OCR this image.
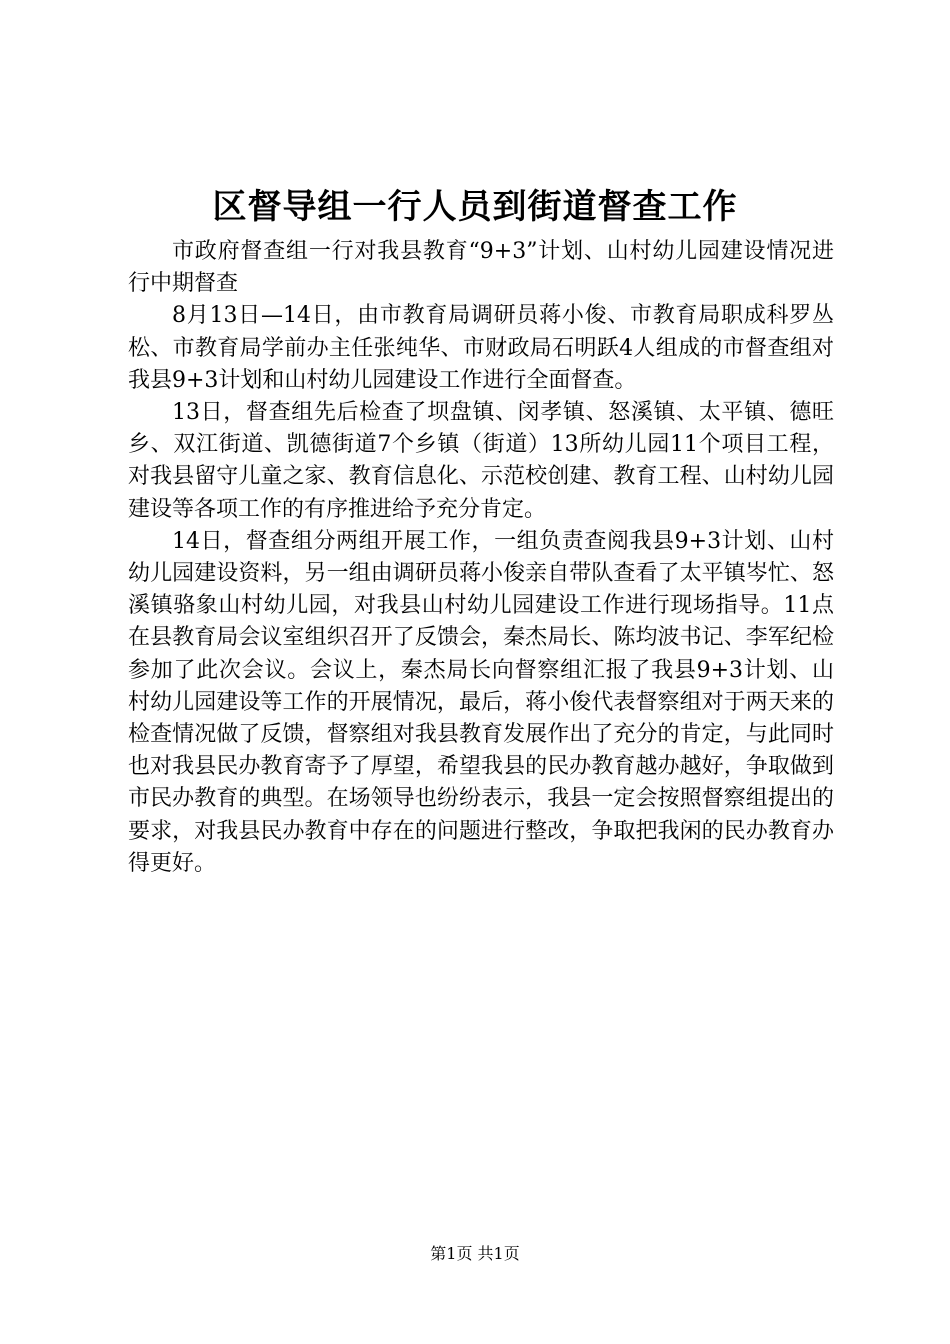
区督导组一行人员到街道督查工作

市政府督查组一行对我县教育“9+3”计划、山村幼儿园建设情况进行中期督查

8月13日—14日，由市教育局调研员蒋小俊、市教育局职成科罗丛松、市教育局学前办主任张纯华、市财政局石明跃4人组成的市督查组对我县9+3计划和山村幼儿园建设工作进行全面督查。

13日，督查组先后检查了坝盘镇、闵孝镇、怒溪镇、太平镇、德旺乡、双江街道、凯德街道7个乡镇（街道）13所幼儿园11个项目工程，对我县留守儿童之家、教育信息化、示范校创建、教育工程、山村幼儿园建设等各项工作的有序推进给予充分肯定。

14日，督查组分两组开展工作，一组负责查阅我县9+3计划、山村幼儿园建设资料，另一组由调研员蒋小俊亲自带队查看了太平镇岑忙、怒溪镇骆象山村幼儿园，对我县山村幼儿园建设工作进行现场指导。11点在县教育局会议室组织召开了反馈会，秦杰局长、陈均波书记、李军纪检参加了此次会议。会议上，秦杰局长向督察组汇报了我县9+3计划、山村幼儿园建设等工作的开展情况，最后，蒋小俊代表督察组对于两天来的检查情况做了反馈，督察组对我县教育发展作出了充分的肯定，与此同时也对我县民办教育寄予了厚望，希望我县的民办教育越办越好，争取做到市民办教育的典型。在场领导也纷纷表示，我县一定会按照督察组提出的要求，对我县民办教育中存在的问题进行整改，争取把我闲的民办教育办得更好。

第1页 共1页
